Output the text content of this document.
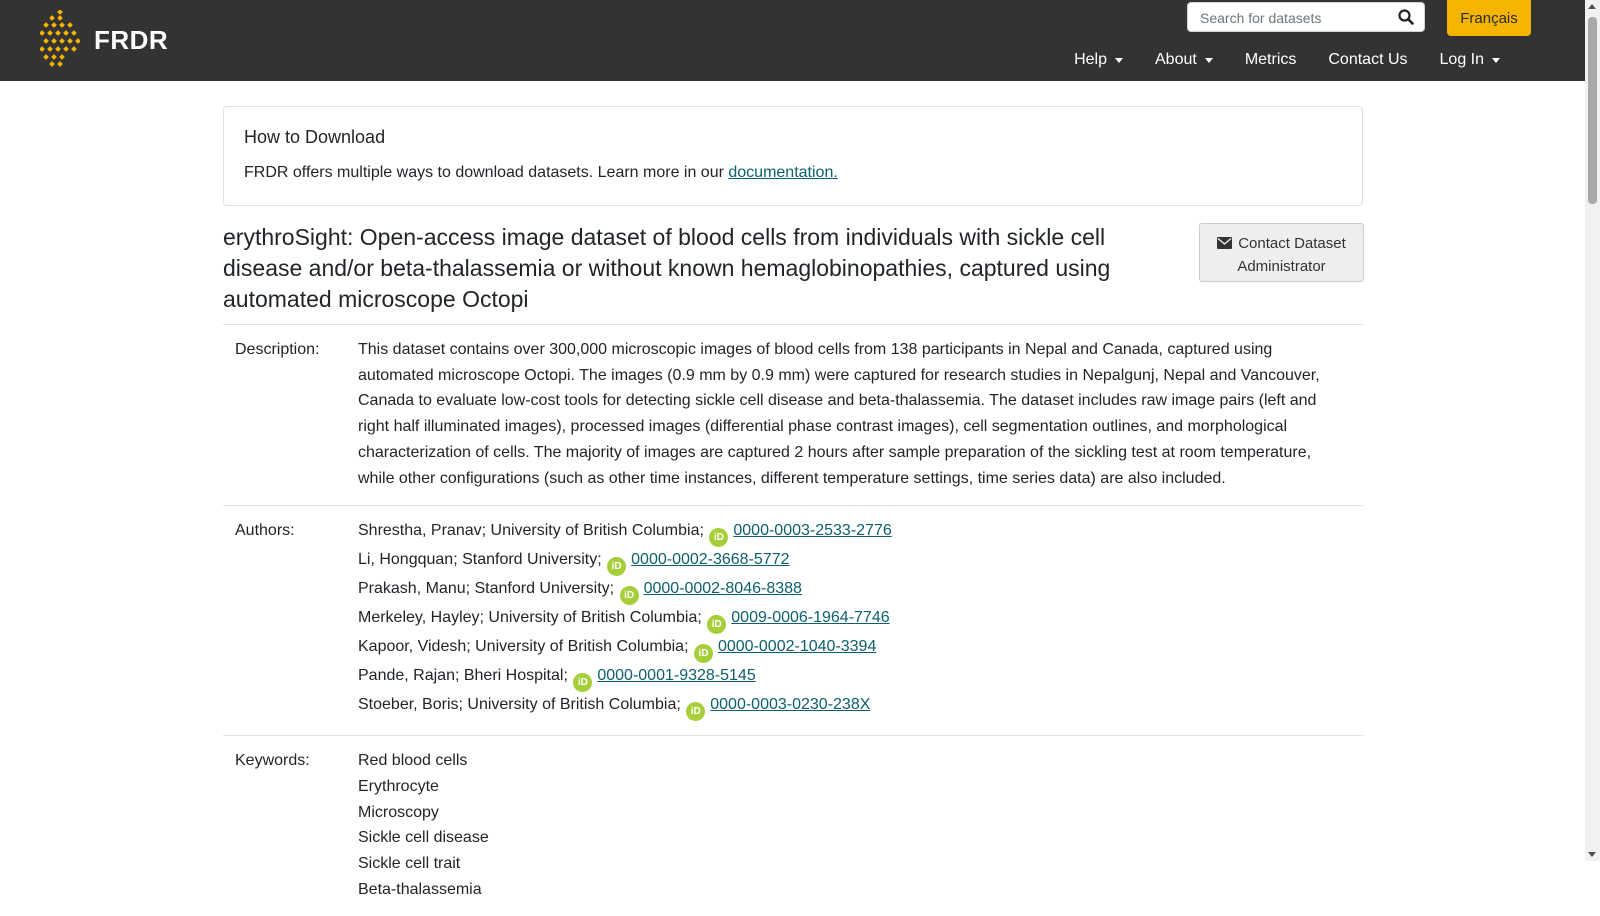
FRDR
Search for datasets
Français
Help	About	Metrics Contact Us Log In
How to Download
FRDR offers multiple ways to download datasets. Learn more in our documentation.
erythroSight: Open-access image dataset of blood cells from individuals with sickle cell disease and/or beta-thalassemia or without known hemaglobinopathies, captured using automated microscope Octopi
Contact Dataset Administrator
Description:	This dataset contains over 300,000 microscopic images of blood cells from 138 participants in Nepal and Canada, captured using automated microscope Octopi. The images (0.9 mm by 0.9 mm) were captured for research studies in Nepalgunj, Nepal and Vancouver, Canada to evaluate low-cost tools for detecting sickle cell disease and beta-thalassemia. The dataset includes raw image pairs (left and right half illuminated images), processed images (differential phase contrast images), cell segmentation outlines, and morphological characterization of cells. The majority of images are captured 2 hours after sample preparation of the sickling test at room temperature, while other configurations (such as other time instances, different temperature settings, time series data) are also included.
Authors:	Shrestha, Pranav; University of British Columbia; iD 0000-0003-2533-2776
Li, Hongquan; Stanford University; iD 0000-0002-3668-5772
Prakash, Manu; Stanford University; iD 0000-0002-8046-8388
Merkeley, Hayley; University of British Columbia; iD 0009-0006-1964-7746
Kapoor, Videsh; University of British Columbia; iD 0000-0002-1040-3394
Pande, Rajan; Bheri Hospital; iD 0000-0001-9328-5145
Stoeber, Boris; University of British Columbia; iD 0000-0003-0230-238X
Keywords:	Red blood cells
Erythrocyte
Microscopy
Sickle cell disease
Sickle cell trait
Beta-thalassemia
